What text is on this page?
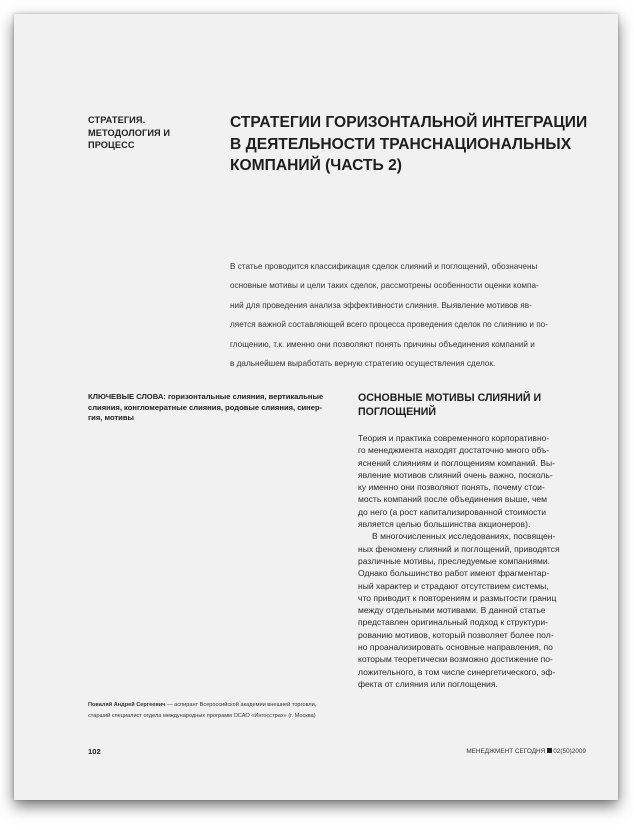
СТРАТЕГИЯ.
МЕТОДОЛОГИЯ И
ПРОЦЕСС
СТРАТЕГИИ ГОРИЗОНТАЛЬНОЙ ИНТЕГРАЦИИ
В ДЕЯТЕЛЬНОСТИ ТРАНСНАЦИОНАЛЬНЫХ
КОМПАНИЙ (ЧАСТЬ 2)
В статье проводится классификация сделок слияний и поглощений, обозначены
основные мотивы и цели таких сделок, рассмотрены особенности оценки компа-
ний для проведения анализа эффективности слияния. Выявление мотивов яв-
ляется важной составляющей всего процесса проведения сделок по слиянию и по-
глощению, т.к. именно они позволяют понять причины объединения компаний и
в дальнейшем выработать верную стратегию осуществления сделок.
КЛЮЧЕВЫЕ СЛОВА: горизонтальные слияния, вертикальные
слияния, конгломератные слияния, родовые слияния, синер-
гия, мотивы
ОСНОВНЫЕ МОТИВЫ СЛИЯНИЙ И
ПОГЛОЩЕНИЙ
Теория и практика современного корпоративно-
го менеджмента находят достаточно много объ-
яснений слияниям и поглощениям компаний. Вы-
явление мотивов слияний очень важно, посколь-
ку именно они позволяют понять, почему стои-
мость компаний после объединения выше, чем
до него (а рост капитализированной стоимости
является целью большинства акционеров).
В многочисленных исследованиях, посвящен-
ных феномену слияний и поглощений, приводятся
различные мотивы, преследуемые компаниями.
Однако большинство работ имеют фрагментар-
ный характер и страдают отсутствием системы,
что приводит к повторениям и размытости границ
между отдельными мотивами. В данной статье
представлен оригинальный подход к структури-
рованию мотивов, который позволяет более пол-
но проанализировать основные направления, по
которым теоретически возможно достижение по-
ложительного, в том числе синергетического, эф-
фекта от слияния или поглощения.
Поваляй Андрей Сергеевич — аспирант Всероссийской академии внешней торговли,
старший специалист отдела международных программ ОСАО «Ингосстрах» (г. Москва)
102	МЕНЕДЖМЕНТ СЕГОДНЯ 02(50)2009
